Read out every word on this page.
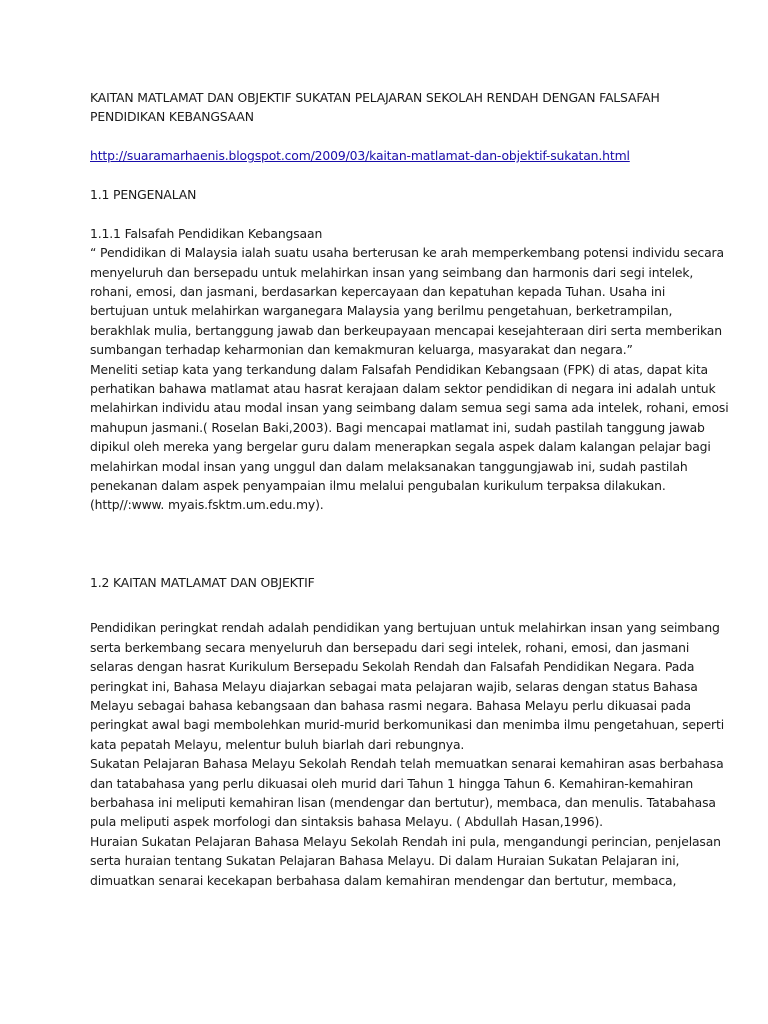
KAITAN MATLAMAT DAN OBJEKTIF SUKATAN PELAJARAN SEKOLAH RENDAH DENGAN FALSAFAH
PENDIDIKAN KEBANGSAAN
http://suaramarhaenis.blogspot.com/2009/03/kaitan-matlamat-dan-objektif-sukatan.html
1.1 PENGENALAN
1.1.1 Falsafah Pendidikan Kebangsaan
“ Pendidikan di Malaysia ialah suatu usaha berterusan ke arah memperkembang potensi individu secara
menyeluruh dan bersepadu untuk melahirkan insan yang seimbang dan harmonis dari segi intelek,
rohani, emosi, dan jasmani, berdasarkan kepercayaan dan kepatuhan kepada Tuhan. Usaha ini
bertujuan untuk melahirkan warganegara Malaysia yang berilmu pengetahuan, berketrampilan,
berakhlak mulia, bertanggung jawab dan berkeupayaan mencapai kesejahteraan diri serta memberikan
sumbangan terhadap keharmonian dan kemakmuran keluarga, masyarakat dan negara.”
Meneliti setiap kata yang terkandung dalam Falsafah Pendidikan Kebangsaan (FPK) di atas, dapat kita
perhatikan bahawa matlamat atau hasrat kerajaan dalam sektor pendidikan di negara ini adalah untuk
melahirkan individu atau modal insan yang seimbang dalam semua segi sama ada intelek, rohani, emosi
mahupun jasmani.( Roselan Baki,2003). Bagi mencapai matlamat ini, sudah pastilah tanggung jawab
dipikul oleh mereka yang bergelar guru dalam menerapkan segala aspek dalam kalangan pelajar bagi
melahirkan modal insan yang unggul dan dalam melaksanakan tanggungjawab ini, sudah pastilah
penekanan dalam aspek penyampaian ilmu melalui pengubalan kurikulum terpaksa dilakukan.
(http//:www. myais.fsktm.um.edu.my).
1.2 KAITAN MATLAMAT DAN OBJEKTIF
Pendidikan peringkat rendah adalah pendidikan yang bertujuan untuk melahirkan insan yang seimbang
serta berkembang secara menyeluruh dan bersepadu dari segi intelek, rohani, emosi, dan jasmani
selaras dengan hasrat Kurikulum Bersepadu Sekolah Rendah dan Falsafah Pendidikan Negara. Pada
peringkat ini, Bahasa Melayu diajarkan sebagai mata pelajaran wajib, selaras dengan status Bahasa
Melayu sebagai bahasa kebangsaan dan bahasa rasmi negara. Bahasa Melayu perlu dikuasai pada
peringkat awal bagi membolehkan murid-murid berkomunikasi dan menimba ilmu pengetahuan, seperti
kata pepatah Melayu, melentur buluh biarlah dari rebungnya.
Sukatan Pelajaran Bahasa Melayu Sekolah Rendah telah memuatkan senarai kemahiran asas berbahasa
dan tatabahasa yang perlu dikuasai oleh murid dari Tahun 1 hingga Tahun 6. Kemahiran-kemahiran
berbahasa ini meliputi kemahiran lisan (mendengar dan bertutur), membaca, dan menulis. Tatabahasa
pula meliputi aspek morfologi dan sintaksis bahasa Melayu. ( Abdullah Hasan,1996).
Huraian Sukatan Pelajaran Bahasa Melayu Sekolah Rendah ini pula, mengandungi perincian, penjelasan
serta huraian tentang Sukatan Pelajaran Bahasa Melayu. Di dalam Huraian Sukatan Pelajaran ini,
dimuatkan senarai kecekapan berbahasa dalam kemahiran mendengar dan bertutur, membaca,
